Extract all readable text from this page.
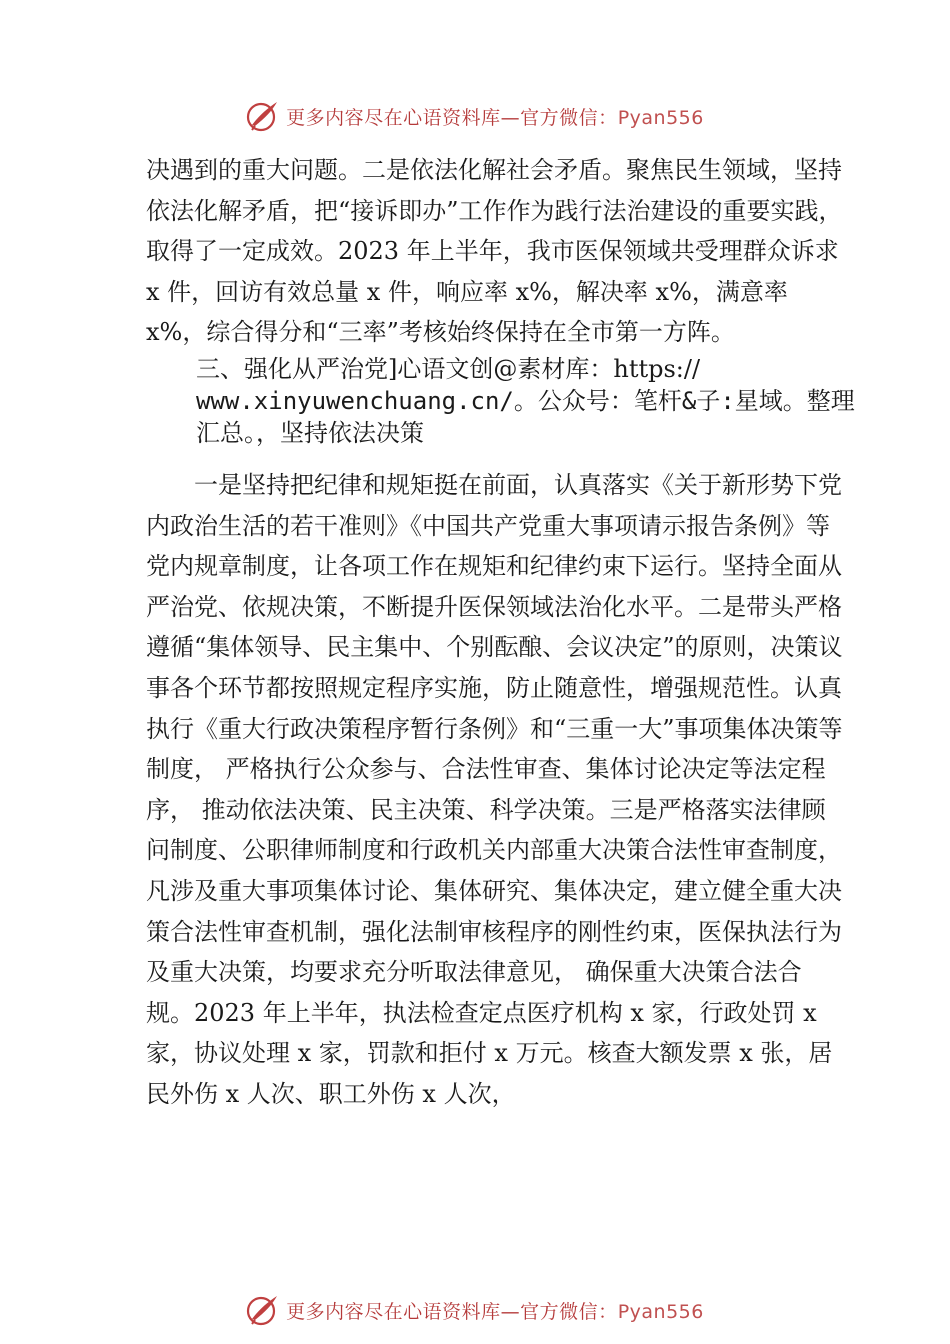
更多内容尽在心语资料库—官方微信：Pyan556

决遇到的重大问题。二是依法化解社会矛盾。聚焦民生领域，坚持依法化解矛盾，把“接诉即办”工作作为践行法治建设的重要实践，取得了一定成效。2023 年上半年，我市医保领域共受理群众诉求 x 件，回访有效总量 x 件，响应率 x%，解决率 x%，满意率 x%，综合得分和“三率”考核始终保持在全市第一方阵。

三、强化从严治党]心语文创@素材库：https://
www.xinyuwenchuang.cn/。公众号：笔杆&子:星域。整理
汇总。，坚持依法决策

一是坚持把纪律和规矩挺在前面，认真落实《关于新形势下党内政治生活的若干准则》《中国共产党重大事项请示报告条例》等党内规章制度，让各项工作在规矩和纪律约束下运行。坚持全面从严治党、依规决策，不断提升医保领域法治化水平。二是带头严格遵循“集体领导、民主集中、个别酝酿、会议决定”的原则，决策议事各个环节都按照规定程序实施，防止随意性，增强规范性。认真执行《重大行政决策程序暂行条例》和“三重一大”事项集体决策等制度， 严格执行公众参与、合法性审查、集体讨论决定等法定程序， 推动依法决策、民主决策、科学决策。三是严格落实法律顾问制度、公职律师制度和行政机关内部重大决策合法性审查制度，凡涉及重大事项集体讨论、集体研究、集体决定，建立健全重大决策合法性审查机制，强化法制审核程序的刚性约束，医保执法行为及重大决策，均要求充分听取法律意见， 确保重大决策合法合规。2023 年上半年，执法检查定点医疗机构 x 家，行政处罚 x 家，协议处理 x 家，罚款和拒付 x 万元。核查大额发票 x 张，居民外伤 x 人次、职工外伤 x 人次，

更多内容尽在心语资料库—官方微信：Pyan556
